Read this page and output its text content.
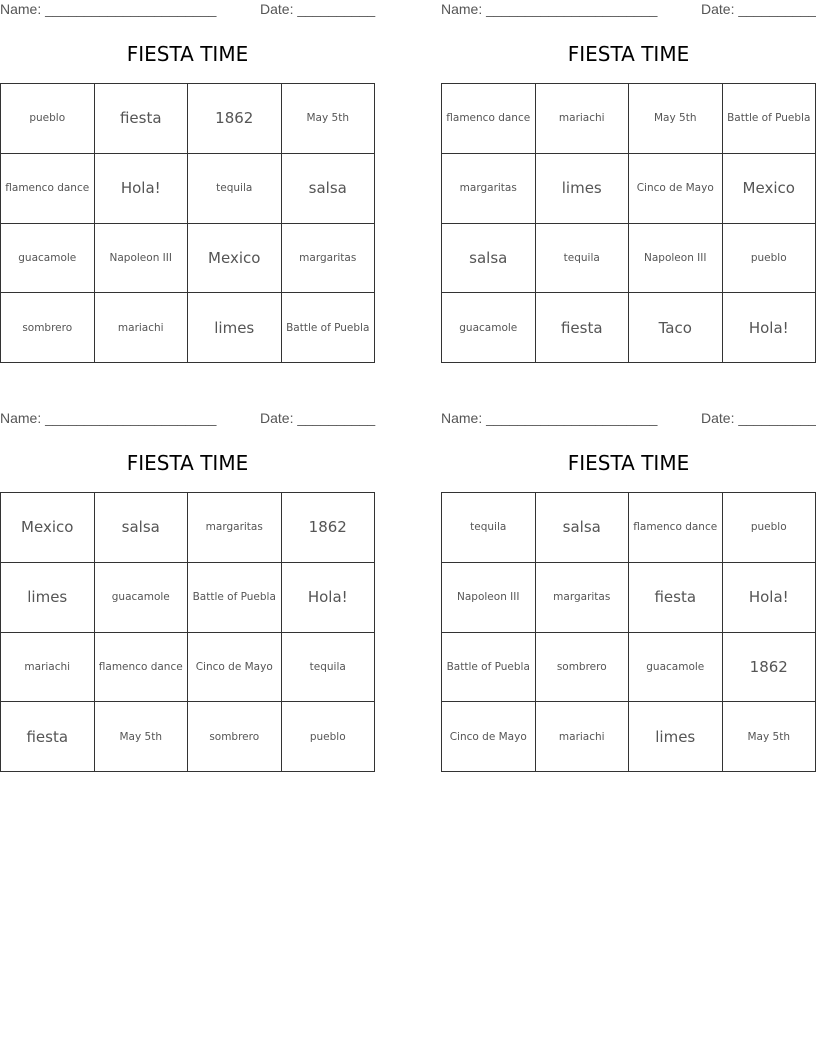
Name: ______________________	Date: __________
FIESTA TIME
pueblo	fiesta	1862	May 5th
flamenco dance	Hola!	tequila	salsa
guacamole	Napoleon III	Mexico	margaritas
sombrero	mariachi	limes	Battle of Puebla
Name: ______________________	Date: __________
FIESTA TIME
flamenco dance	mariachi	May 5th	Battle of Puebla
margaritas	limes	Cinco de Mayo	Mexico
salsa	tequila	Napoleon III	pueblo
guacamole	fiesta	Taco	Hola!
Name: ______________________	Date: __________
FIESTA TIME
Mexico	salsa	margaritas	1862
limes	guacamole	Battle of Puebla	Hola!
mariachi	flamenco dance	Cinco de Mayo	tequila
fiesta	May 5th	sombrero	pueblo
Name: ______________________	Date: __________
FIESTA TIME
tequila	salsa	flamenco dance	pueblo
Napoleon III	margaritas	fiesta	Hola!
Battle of Puebla	sombrero	guacamole	1862
Cinco de Mayo	mariachi	limes	May 5th
